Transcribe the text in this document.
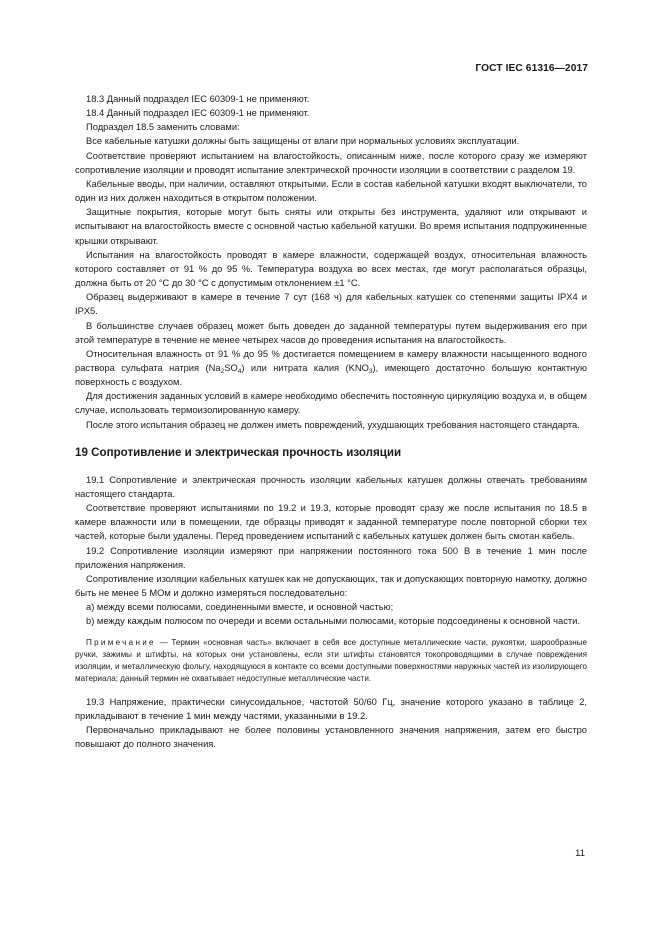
ГОСТ IEC 61316—2017

18.3 Данный подраздел IEC 60309-1 не применяют.

18.4 Данный подраздел IEC 60309-1 не применяют.

Подраздел 18.5 заменить словами:

Все кабельные катушки должны быть защищены от влаги при нормальных условиях эксплуатации.

Соответствие проверяют испытанием на влагостойкость, описанным ниже, после которого сразу же измеряют сопротивление изоляции и проводят испытание электрической прочности изоляции в соответствии с разделом 19.

Кабельные вводы, при наличии, оставляют открытыми. Если в состав кабельной катушки входят выключатели, то один из них должен находиться в открытом положении.

Защитные покрытия, которые могут быть сняты или открыты без инструмента, удаляют или открывают и испытывают на влагостойкость вместе с основной частью кабельной катушки. Во время испытания подпружиненные крышки открывают.

Испытания на влагостойкость проводят в камере влажности, содержащей воздух, относительная влажность которого составляет от 91 % до 95 %. Температура воздуха во всех местах, где могут располагаться образцы, должна быть от 20 °C до 30 °C с допустимым отклонением ±1 °C.

Образец выдерживают в камере в течение 7 сут (168 ч) для кабельных катушек со степенями защиты IPX4 и IPX5.

В большинстве случаев образец может быть доведен до заданной температуры путем выдерживания его при этой температуре в течение не менее четырех часов до проведения испытания на влагостойкость.

Относительная влажность от 91 % до 95 % достигается помещением в камеру влажности насыщенного водного раствора сульфата натрия $(Na_2SO_4)$ или нитрата калия $(KNO_3)$, имеющего достаточно большую контактную поверхность с воздухом.

Для достижения заданных условий в камере необходимо обеспечить постоянную циркуляцию воздуха и, в общем случае, использовать термоизолированную камеру.

После этого испытания образец не должен иметь повреждений, ухудшающих требования настоящего стандарта.

19 Сопротивление и электрическая прочность изоляции

19.1 Сопротивление и электрическая прочность изоляции кабельных катушек должны отвечать требованиям настоящего стандарта.

Соответствие проверяют испытаниями по 19.2 и 19.3, которые проводят сразу же после испытания по 18.5 в камере влажности или в помещении, где образцы приводят к заданной температуре после повторной сборки тех частей, которые были удалены. Перед проведением испытаний с кабельных катушек должен быть смотан кабель.

19.2 Сопротивление изоляции измеряют при напряжении постоянного тока 500 В в течение 1 мин после приложения напряжения.

Сопротивление изоляции кабельных катушек как не допускающих, так и допускающих повторную намотку, должно быть не менее 5 МОм и должно измеряться последовательно:

а) между всеми полюсами, соединенными вместе, и основной частью;

b) между каждым полюсом по очереди и всеми остальными полюсами, которые подсоединены к основной части.

Примечание — Термин «основная часть» включает в себя все доступные металлические части, рукоятки, шарообразные ручки, зажимы и штифты, на которых они установлены, если эти штифты становятся токопроводящими в случае повреждения изоляции, и металлическую фольгу, находящуюся в контакте со всеми доступными поверхностями наружных частей из изолирующего материала; данный термин не охватывает недоступные металлические части.

19.3 Напряжение, практически синусоидальное, частотой 50/60 Гц, значение которого указано в таблице 2, прикладывают в течение 1 мин между частями, указанными в 19.2.

Первоначально прикладывают не более половины установленного значения напряжения, затем его быстро повышают до полного значения.

11
